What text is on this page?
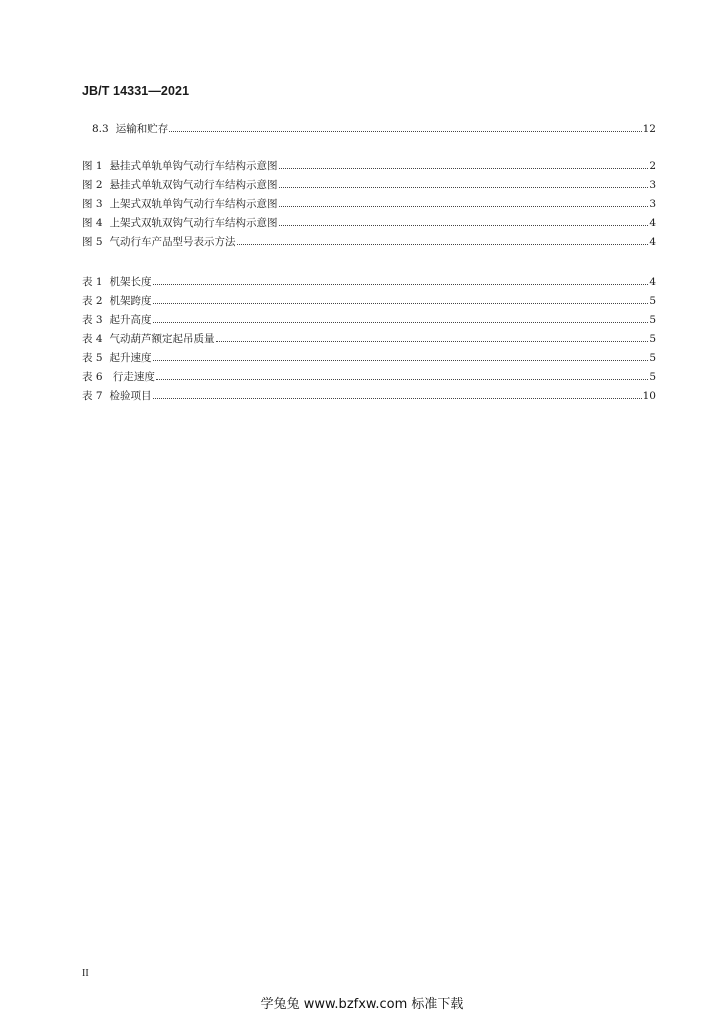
JB/T 14331—2021
8.3 运输和贮存	12
图 1 悬挂式单轨单钩气动行车结构示意图	2
图 2 悬挂式单轨双钩气动行车结构示意图	3
图 3 上架式双轨单钩气动行车结构示意图	3
图 4 上架式双轨双钩气动行车结构示意图	4
图 5 气动行车产品型号表示方法	4
表 1 机架长度	4
表 2 机架跨度	5
表 3 起升高度	5
表 4 气动葫芦额定起吊质量	5
表 5 起升速度	5
表 6 行走速度	5
表 7 检验项目	10
II
学兔兔 www.bzfxw.com 标准下载
